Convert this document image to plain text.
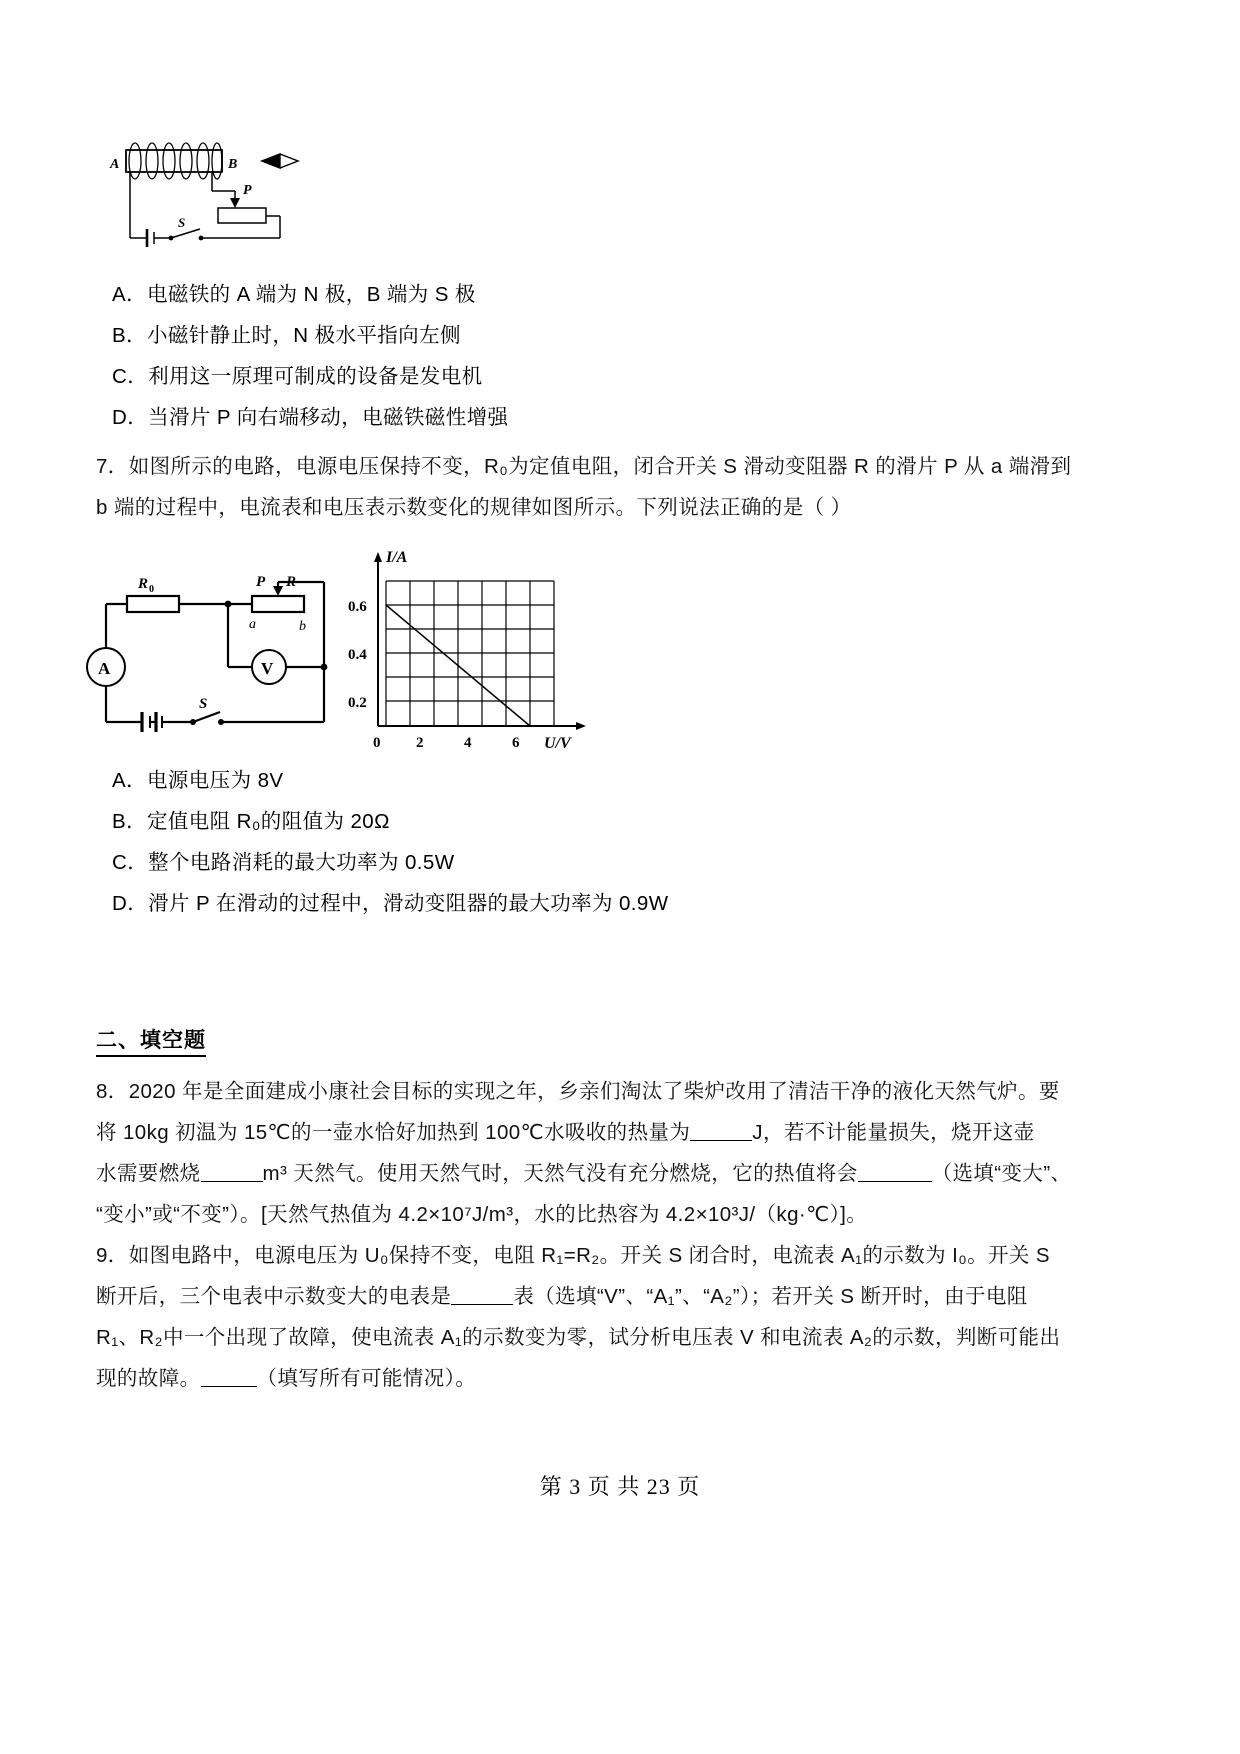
A	B
P
S
R 0	P R
a	b
A	V
S
I/A
U/V
0.6
0.4
0.2
0 2	4	6

A．电磁铁的 A 端为 N 极，B 端为 S 极

B．小磁针静止时，N 极水平指向左侧

C．利用这一原理可制成的设备是发电机

D．当滑片 P 向右端移动，电磁铁磁性增强

7．如图所示的电路，电源电压保持不变，R₀为定值电阻，闭合开关 S 滑动变阻器 R 的滑片 P 从 a 端滑到

b 端的过程中，电流表和电压表示数变化的规律如图所示。下列说法正确的是（ ）

A．电源电压为 8V

B．定值电阻 R₀的阻值为 20Ω

C．整个电路消耗的最大功率为 0.5W

D．滑片 P 在滑动的过程中，滑动变阻器的最大功率为 0.9W

二、填空题

8．2020 年是全面建成小康社会目标的实现之年，乡亲们淘汰了柴炉改用了清洁干净的液化天然气炉。要

将 10kg 初温为 15℃的一壶水恰好加热到 100℃水吸收的热量为	J，若不计能量损失，烧开这壶

水需要燃烧	m³ 天然气。使用天然气时，天然气没有充分燃烧，它的热值将会	（选填“变大”、

“变小”或“不变”）。[天然气热值为 4.2×10⁷J/m³，水的比热容为 4.2×10³J/（kg·℃）]。

9．如图电路中，电源电压为 U₀保持不变，电阻 R₁=R₂。开关 S 闭合时，电流表 A₁的示数为 I₀。开关 S

断开后，三个电表中示数变大的电表是	表（选填“V”、“A₁”、“A₂”）；若开关 S 断开时，由于电阻

R₁、R₂中一个出现了故障，使电流表 A₁的示数变为零，试分析电压表 V 和电流表 A₂的示数，判断可能出

现的故障。	（填写所有可能情况）。

第 3 页 共 23 页
